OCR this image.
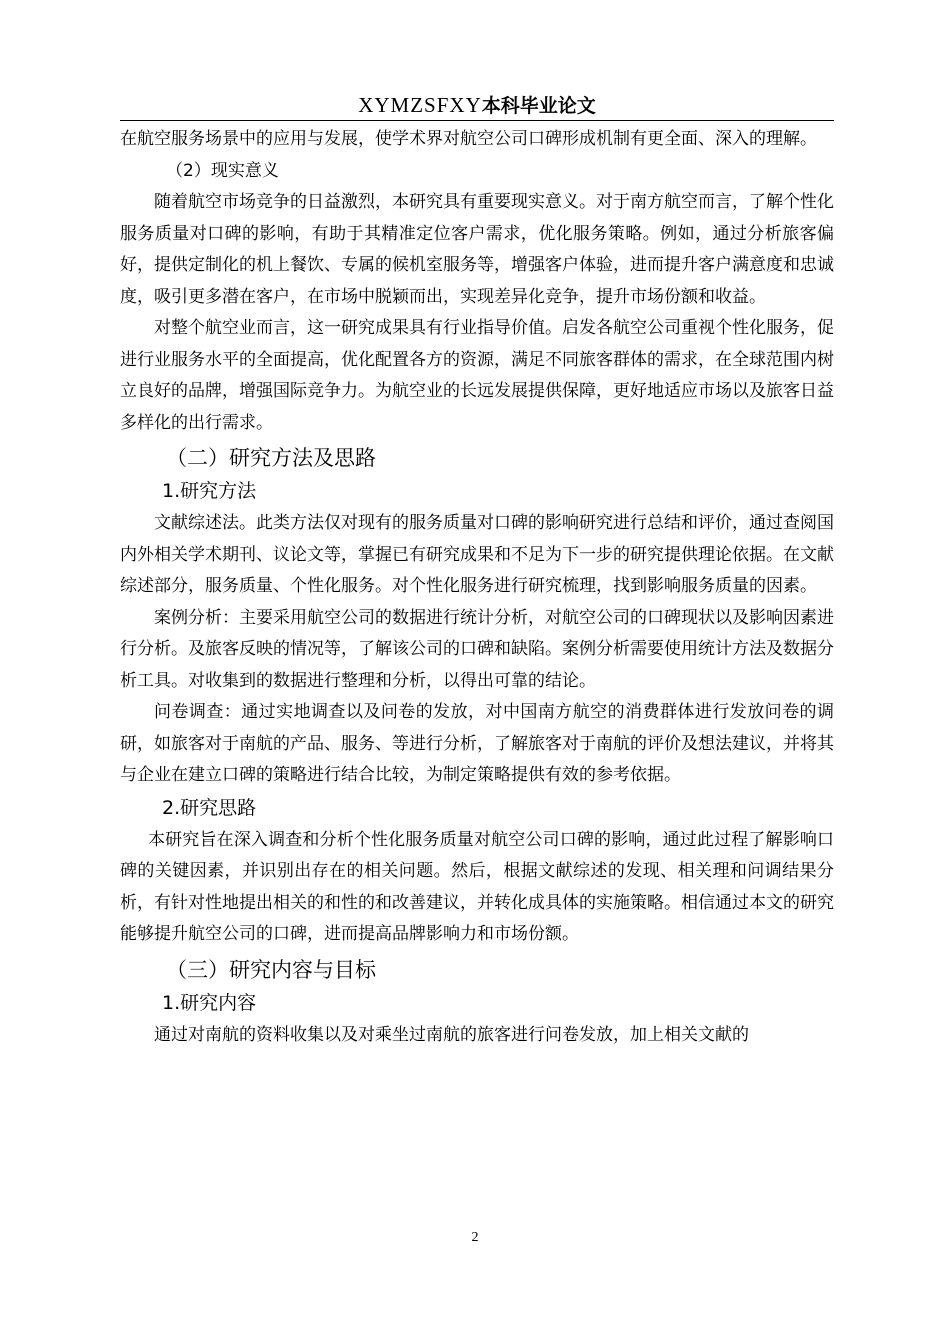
XYMZSFXY本科毕业论文

在航空服务场景中的应用与发展，使学术界对航空公司口碑形成机制有更全面、深入的理解。

（2）现实意义

随着航空市场竞争的日益激烈，本研究具有重要现实意义。对于南方航空而言，了解个性化服务质量对口碑的影响，有助于其精准定位客户需求，优化服务策略。例如，通过分析旅客偏好，提供定制化的机上餐饮、专属的候机室服务等，增强客户体验，进而提升客户满意度和忠诚度，吸引更多潜在客户，在市场中脱颖而出，实现差异化竞争，提升市场份额和收益。

对整个航空业而言，这一研究成果具有行业指导价值。启发各航空公司重视个性化服务，促进行业服务水平的全面提高，优化配置各方的资源，满足不同旅客群体的需求，在全球范围内树立良好的品牌，增强国际竞争力。为航空业的长远发展提供保障，更好地适应市场以及旅客日益多样化的出行需求。

（二）研究方法及思路
1.研究方法

文献综述法。此类方法仅对现有的服务质量对口碑的影响研究进行总结和评价，通过查阅国内外相关学术期刊、议论文等，掌握已有研究成果和不足为下一步的研究提供理论依据。在文献综述部分，服务质量、个性化服务。对个性化服务进行研究梳理，找到影响服务质量的因素。

案例分析：主要采用航空公司的数据进行统计分析，对航空公司的口碑现状以及影响因素进行分析。及旅客反映的情况等，了解该公司的口碑和缺陷。案例分析需要使用统计方法及数据分析工具。对收集到的数据进行整理和分析，以得出可靠的结论。

问卷调查：通过实地调查以及问卷的发放，对中国南方航空的消费群体进行发放问卷的调研，如旅客对于南航的产品、服务、等进行分析，了解旅客对于南航的评价及想法建议，并将其与企业在建立口碑的策略进行结合比较，为制定策略提供有效的参考依据。

2.研究思路

本研究旨在深入调查和分析个性化服务质量对航空公司口碑的影响，通过此过程了解影响口碑的关键因素，并识别出存在的相关问题。然后，根据文献综述的发现、相关理和问调结果分析，有针对性地提出相关的和性的和改善建议，并转化成具体的实施策略。相信通过本文的研究能够提升航空公司的口碑，进而提高品牌影响力和市场份额。

（三）研究内容与目标
1.研究内容

通过对南航的资料收集以及对乘坐过南航的旅客进行问卷发放，加上相关文献的

2
